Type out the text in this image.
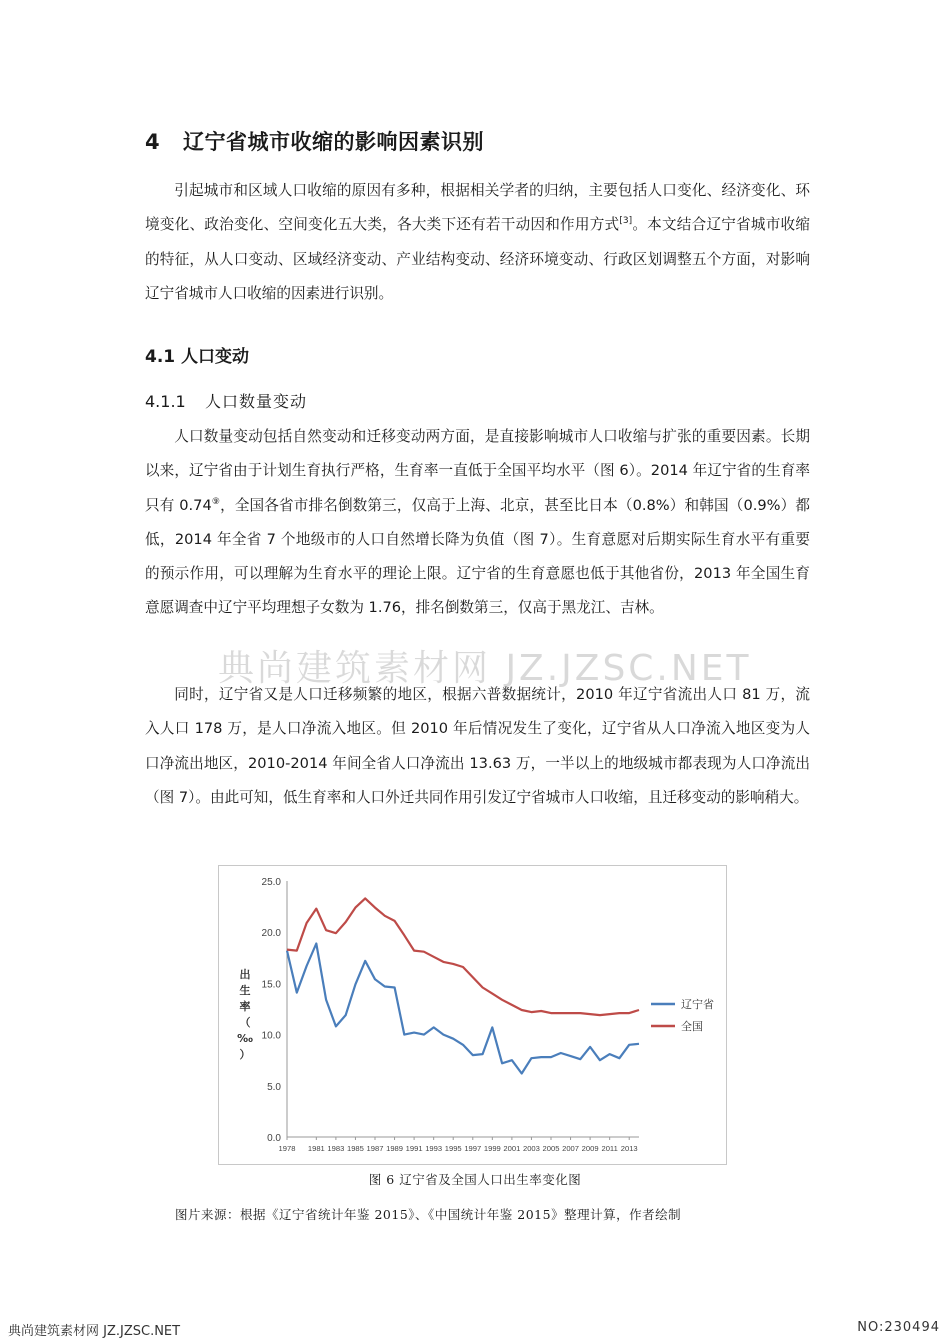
4 辽宁省城市收缩的影响因素识别

引起城市和区域人口收缩的原因有多种，根据相关学者的归纳，主要包括人口变化、经济变化、环境变化、政治变化、空间变化五大类，各大类下还有若干动因和作用方式[3]。本文结合辽宁省城市收缩的特征，从人口变动、区域经济变动、产业结构变动、经济环境变动、行政区划调整五个方面，对影响辽宁省城市人口收缩的因素进行识别。

4.1 人口变动
4.1.1 人口数量变动

人口数量变动包括自然变动和迁移变动两方面，是直接影响城市人口收缩与扩张的重要因素。长期以来，辽宁省由于计划生育执行严格，生育率一直低于全国平均水平（图 6）。2014 年辽宁省的生育率只有 0.74⑨，全国各省市排名倒数第三，仅高于上海、北京，甚至比日本（0.8%）和韩国（0.9%）都低，2014 年全省 7 个地级市的人口自然增长降为负值（图 7）。生育意愿对后期实际生育水平有重要的预示作用，可以理解为生育水平的理论上限。辽宁省的生育意愿也低于其他省份，2013 年全国生育意愿调查中辽宁平均理想子女数为 1.76，排名倒数第三，仅高于黑龙江、吉林。

同时，辽宁省又是人口迁移频繁的地区，根据六普数据统计，2010 年辽宁省流出人口 81 万，流入人口 178 万，是人口净流入地区。但 2010 年后情况发生了变化，辽宁省从人口净流入地区变为人口净流出地区，2010-2014 年间全省人口净流出 13.63 万，一半以上的地级城市都表现为人口净流出（图 7）。由此可知，低生育率和人口外迁共同作用引发辽宁省城市人口收缩，且迁移变动的影响稍大。

典尚建筑素材网 JZ.JZSC.NET
0.0
5.0
10.0
15.0
20.0
25.0
1978 1981 1983 1985 1987 1989 1991 1993 1995 1997 1999 2001 2003 2005 2007 2009 2011 2013
出
生
率
（
‰
）
辽宁省
全国
图 6 辽宁省及全国人口出生率变化图
图片来源：根据《辽宁省统计年鉴 2015》、《中国统计年鉴 2015》整理计算，作者绘制
典尚建筑素材网 JZ.JZSC.NET	NO:230494
